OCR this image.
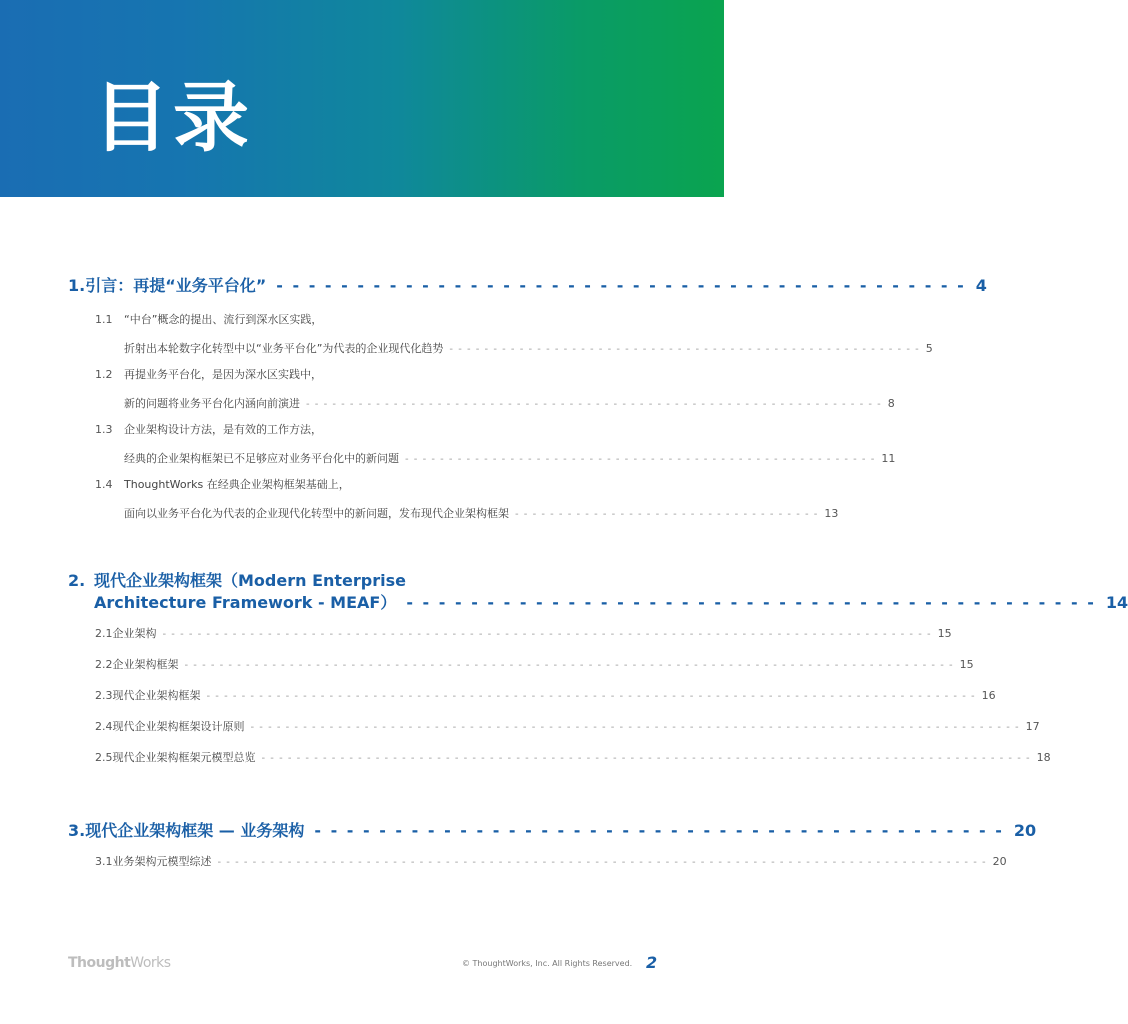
目录
1. 引言：再提“业务平台化” - - - - - - - - - - - - - - - - - - - - - - - - - - - - - - - - - - - - - - - - - - - 4
1.1	“中台”概念的提出、流行到深水区实践，
折射出本轮数字化转型中以“业务平台化”为代表的企业现代化趋势 - - - - - - - - - - - - - - - - - - - - - - - - - - - - - - - - - - - - - - - - - - - - - - - - - - - - - - 5
1.2	再提业务平台化，是因为深水区实践中，
新的问题将业务平台化内涵向前演进 - - - - - - - - - - - - - - - - - - - - - - - - - - - - - - - - - - - - - - - - - - - - - - - - - - - - - - - - - - - - - - - - - - 8
1.3	企业架构设计方法，是有效的工作方法，
经典的企业架构框架已不足够应对业务平台化中的新问题 - - - - - - - - - - - - - - - - - - - - - - - - - - - - - - - - - - - - - - - - - - - - - - - - - - - - - - 11
1.4	ThoughtWorks 在经典企业架构框架基础上，
面向以业务平台化为代表的企业现代化转型中的新问题，发布现代企业架构框架 - - - - - - - - - - - - - - - - - - - - - - - - - - - - - - - - - - - 13
2. 现代企业架构框架（Modern Enterprise
Architecture Framework - MEAF） - - - - - - - - - - - - - - - - - - - - - - - - - - - - - - - - - - - - - - - - - - - 14
2.1 企业架构 - - - - - - - - - - - - - - - - - - - - - - - - - - - - - - - - - - - - - - - - - - - - - - - - - - - - - - - - - - - - - - - - - - - - - - - - - - - - - - - - - - - - - - - - 15
2.2 企业架构框架 - - - - - - - - - - - - - - - - - - - - - - - - - - - - - - - - - - - - - - - - - - - - - - - - - - - - - - - - - - - - - - - - - - - - - - - - - - - - - - - - - - - - - - - - 15
2.3 现代企业架构框架 - - - - - - - - - - - - - - - - - - - - - - - - - - - - - - - - - - - - - - - - - - - - - - - - - - - - - - - - - - - - - - - - - - - - - - - - - - - - - - - - - - - - - - - - 16
2.4 现代企业架构框架设计原则 - - - - - - - - - - - - - - - - - - - - - - - - - - - - - - - - - - - - - - - - - - - - - - - - - - - - - - - - - - - - - - - - - - - - - - - - - - - - - - - - - - - - - - - - 17
2.5 现代企业架构框架元模型总览 - - - - - - - - - - - - - - - - - - - - - - - - - - - - - - - - - - - - - - - - - - - - - - - - - - - - - - - - - - - - - - - - - - - - - - - - - - - - - - - - - - - - - - - - 18
3. 现代企业架构框架 — 业务架构 - - - - - - - - - - - - - - - - - - - - - - - - - - - - - - - - - - - - - - - - - - - 20
3.1 业务架构元模型综述 - - - - - - - - - - - - - - - - - - - - - - - - - - - - - - - - - - - - - - - - - - - - - - - - - - - - - - - - - - - - - - - - - - - - - - - - - - - - - - - - - - - - - - - - 20
ThoughtWorks	© ThoughtWorks, Inc. All Rights Reserved. 2
